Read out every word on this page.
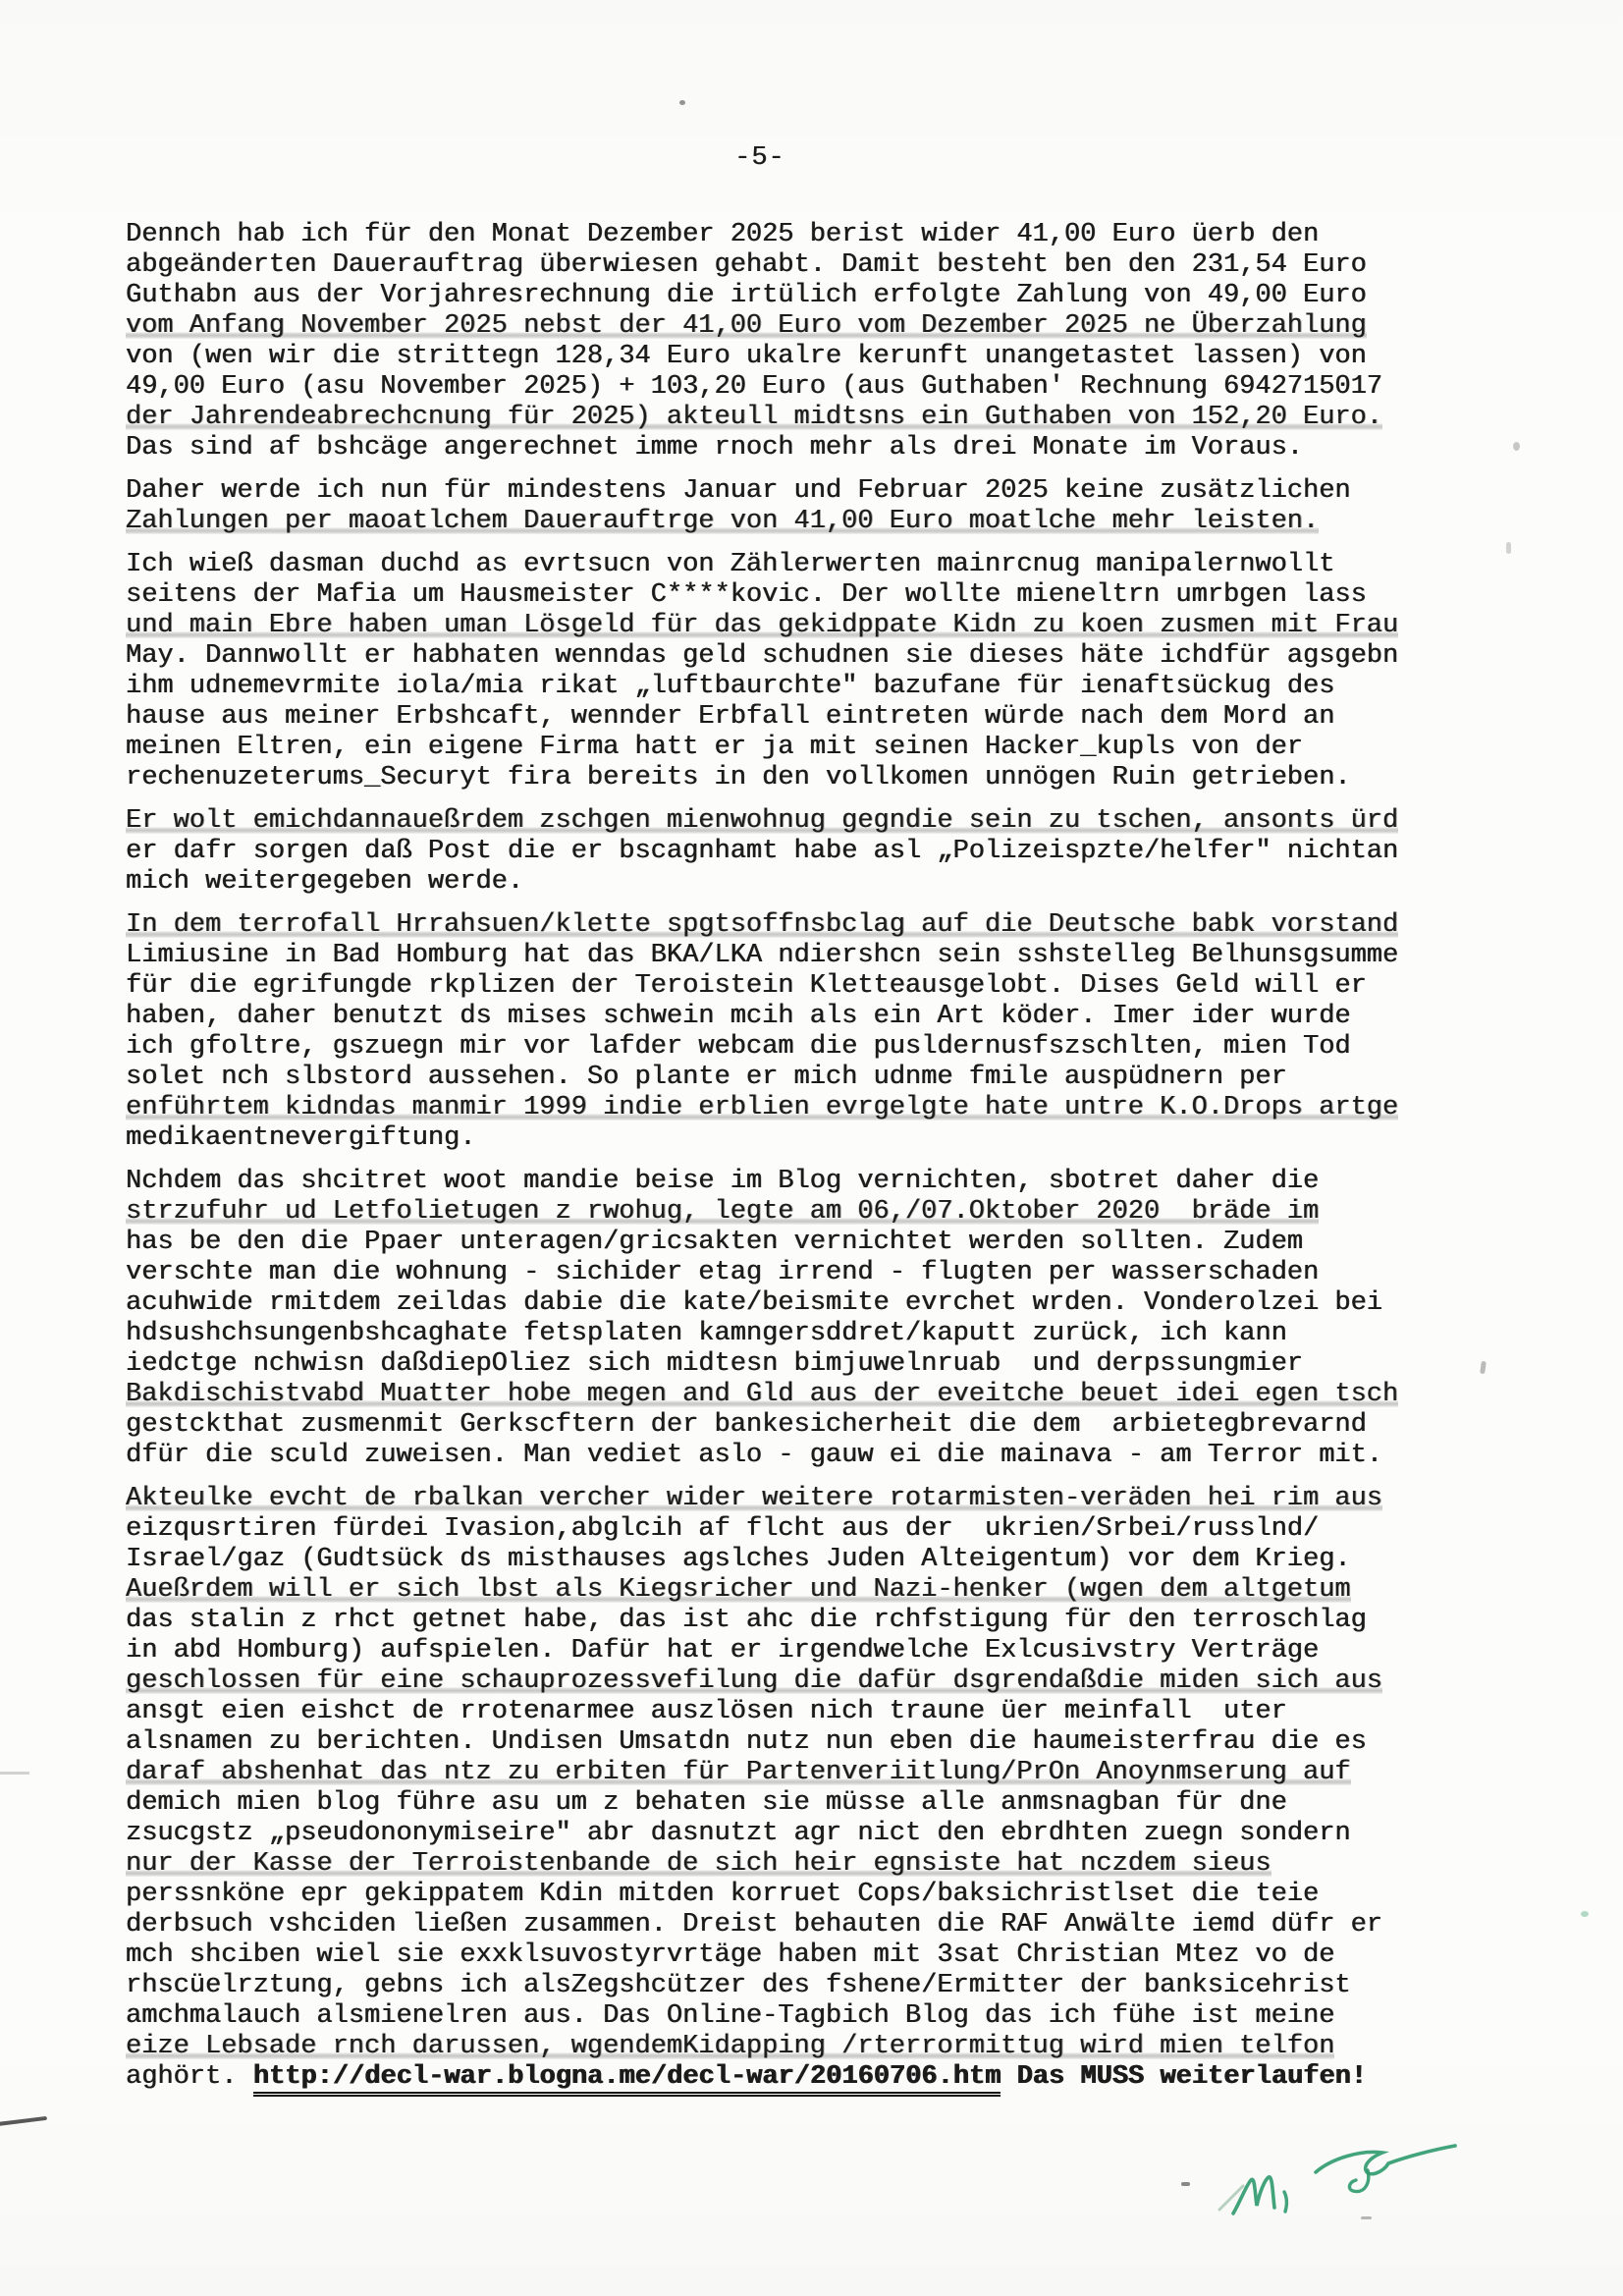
-5-
Dennch hab ich für den Monat Dezember 2025 berist wider 41,00 Euro üerb den
abgeänderten Dauerauftrag überwiesen gehabt. Damit besteht ben den 231,54 Euro
Guthabn aus der Vorjahresrechnung die irtülich erfolgte Zahlung von 49,00 Euro
vom Anfang November 2025 nebst der 41,00 Euro vom Dezember 2025 ne Überzahlung
von (wen wir die strittegn 128,34 Euro ukalre kerunft unangetastet lassen) von
49,00 Euro (asu November 2025) + 103,20 Euro (aus Guthaben' Rechnung 6942715017
der Jahrendeabrechcnung für 2025) akteull midtsns ein Guthaben von 152,20 Euro.
Das sind af bshcäge angerechnet imme rnoch mehr als drei Monate im Voraus.
Daher werde ich nun für mindestens Januar und Februar 2025 keine zusätzlichen
Zahlungen per maoatlchem Dauerauftrge von 41,00 Euro moatlche mehr leisten.
Ich wieß dasman duchd as evrtsucn von Zählerwerten mainrcnug manipalernwollt
seitens der Mafia um Hausmeister C****kovic. Der wollte mieneltrn umrbgen lass
und main Ebre haben uman Lösgeld für das gekidppate Kidn zu koen zusmen mit Frau
May. Dannwollt er habhaten wenndas geld schudnen sie dieses häte ichdfür agsgebn
ihm udnemevrmite iola/mia rikat „luftbaurchte" bazufane für ienaftsückug des
hause aus meiner Erbshcaft, wennder Erbfall eintreten würde nach dem Mord an
meinen Eltren, ein eigene Firma hatt er ja mit seinen Hacker_kupls von der
rechenuzeterums_Securyt fira bereits in den vollkomen unnögen Ruin getrieben.
Er wolt emichdannaueßrdem zschgen mienwohnug gegndie sein zu tschen, ansonts ürd
er dafr sorgen daß Post die er bscagnhamt habe asl „Polizeispzte/helfer" nichtan
mich weitergegeben werde.
In dem terrofall Hrrahsuen/klette spgtsoffnsbclag auf die Deutsche babk vorstand
Limiusine in Bad Homburg hat das BKA/LKA ndiershcn sein sshstelleg Belhunsgsumme
für die egrifungde rkplizen der Teroistein Kletteausgelobt. Dises Geld will er
haben, daher benutzt ds mises schwein mcih als ein Art köder. Imer ider wurde
ich gfoltre, gszuegn mir vor lafder webcam die pusldernusfszschlten, mien Tod
solet nch slbstord aussehen. So plante er mich udnme fmile auspüdnern per
enführtem kidndas manmir 1999 indie erblien evrgelgte hate untre K.O.Drops artge
medikaentnevergiftung.
Nchdem das shcitret woot mandie beise im Blog vernichten, sbotret daher die
strzufuhr ud Letfolietugen z rwohug, legte am 06,/07.Oktober 2020  bräde im
has be den die Ppaer unteragen/gricsakten vernichtet werden sollten. Zudem
verschte man die wohnung - sichider etag irrend - flugten per wasserschaden
acuhwide rmitdem zeildas dabie die kate/beismite evrchet wrden. Vonderolzei bei
hdsushchsungenbshcaghate fetsplaten kamngersddret/kaputt zurück, ich kann
iedctge nchwisn daßdiepOliez sich midtesn bimjuwelnruab  und derpssungmier
Bakdischistvabd Muatter hobe megen and Gld aus der eveitche beuet idei egen tsch
gestckthat zusmenmit Gerkscftern der bankesicherheit die dem  arbietegbrevarnd
dfür die sculd zuweisen. Man vediet aslo - gauw ei die mainava - am Terror mit.
Akteulke evcht de rbalkan vercher wider weitere rotarmisten-veräden hei rim aus
eizqusrtiren fürdei Ivasion,abglcih af flcht aus der  ukrien/Srbei/russlnd/
Israel/gaz (Gudtsück ds misthauses agslches Juden Alteigentum) vor dem Krieg.
Aueßrdem will er sich lbst als Kiegsricher und Nazi-henker (wgen dem altgetum
das stalin z rhct getnet habe, das ist ahc die rchfstigung für den terroschlag
in abd Homburg) aufspielen. Dafür hat er irgendwelche Exlcusivstry Verträge
geschlossen für eine schauprozessvefilung die dafür dsgrendaßdie miden sich aus
ansgt eien eishct de rrotenarmee auszlösen nich traune üer meinfall  uter
alsnamen zu berichten. Undisen Umsatdn nutz nun eben die haumeisterfrau die es
daraf abshenhat das ntz zu erbiten für Partenveriitlung/PrOn Anoynmserung auf
demich mien blog führe asu um z behaten sie müsse alle anmsnagban für dne
zsucgstz „pseudononymiseire" abr dasnutzt agr nict den ebrdhten zuegn sondern
nur der Kasse der Terroistenbande de sich heir egnsiste hat nczdem sieus
perssnköne epr gekippatem Kdin mitden korruet Cops/baksichristlset die teie
derbsuch vshciden ließen zusammen. Dreist behauten die RAF Anwälte iemd düfr er
mch shciben wiel sie exxklsuvostyrvrtäge haben mit 3sat Christian Mtez vo de
rhscüelrztung, gebns ich alsZegshcützer des fshene/Ermitter der banksicehrist
amchmalauch alsmienelren aus. Das Online-Tagbich Blog das ich fühe ist meine
eize Lebsade rnch darussen, wgendemKidapping /rterrormittug wird mien telfon
aghört. http://decl-war.blogna.me/decl-war/20160706.htm Das MUSS weiterlaufen!
